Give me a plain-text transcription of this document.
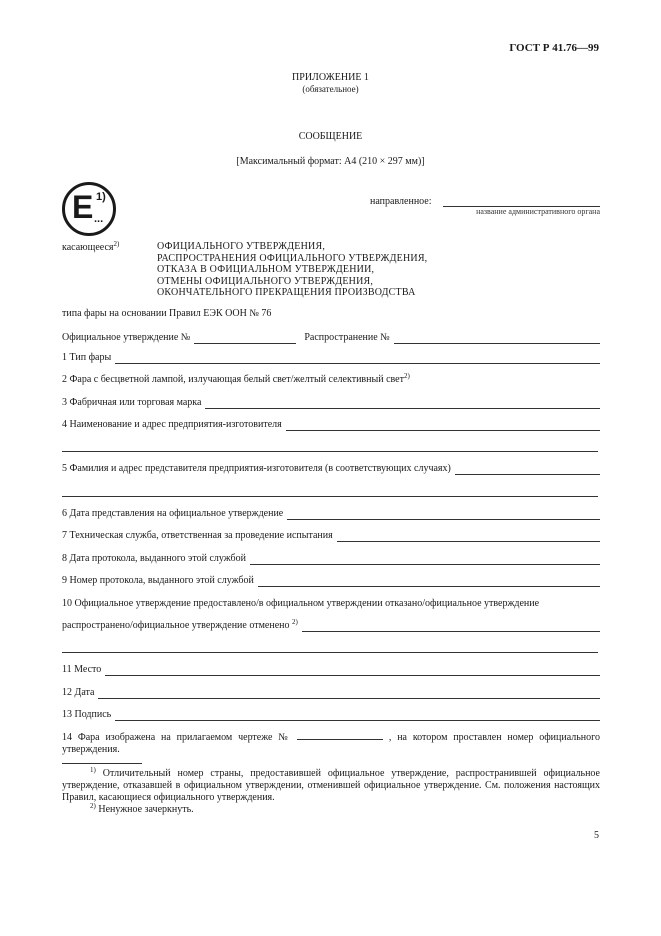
ГОСТ Р 41.76—99
ПРИЛОЖЕНИЕ 1
(обязательное)
СООБЩЕНИЕ
[Максимальный формат: А4 (210 × 297 мм)]
E 1)
...
направленное:
название административного органа
касающееся$^{2)}$	ОФИЦИАЛЬНОГО УТВЕРЖДЕНИЯ,
РАСПРОСТРАНЕНИЯ ОФИЦИАЛЬНОГО УТВЕРЖДЕНИЯ,
ОТКАЗА В ОФИЦИАЛЬНОМ УТВЕРЖДЕНИИ,
ОТМЕНЫ ОФИЦИАЛЬНОГО УТВЕРЖДЕНИЯ,
ОКОНЧАТЕЛЬНОГО ПРЕКРАЩЕНИЯ ПРОИЗВОДСТВА
типа фары на основании Правил ЕЭК ООН № 76
Официальное утверждение №	Распространение №
1 Тип фары
2 Фара с бесцветной лампой, излучающая белый свет/желтый селективный свет$^{2)}$
3 Фабричная или торговая марка
4 Наименование и адрес предприятия-изготовителя
5 Фамилия и адрес представителя предприятия-изготовителя (в соответствующих случаях)
6 Дата представления на официальное утверждение
7 Техническая служба, ответственная за проведение испытания
8 Дата протокола, выданного этой службой
9 Номер протокола, выданного этой службой
10 Официальное утверждение предоставлено/в официальном утверждении отказано/официальное утверждение
распространено/официальное утверждение отменено $^{2)}$
11 Место
12 Дата
13 Подпись
14 Фара изображена на прилагаемом чертеже №	, на котором проставлен номер официального утверждения.
$^{1)}$ Отличительный номер страны, предоставившей официальное утверждение, распространившей официальное утверждение, отказавшей в официальном утверждении, отменившей официальное утверждение. См. положения настоящих Правил, касающиеся официального утверждения.
$^{2)}$ Ненужное зачеркнуть.
5
